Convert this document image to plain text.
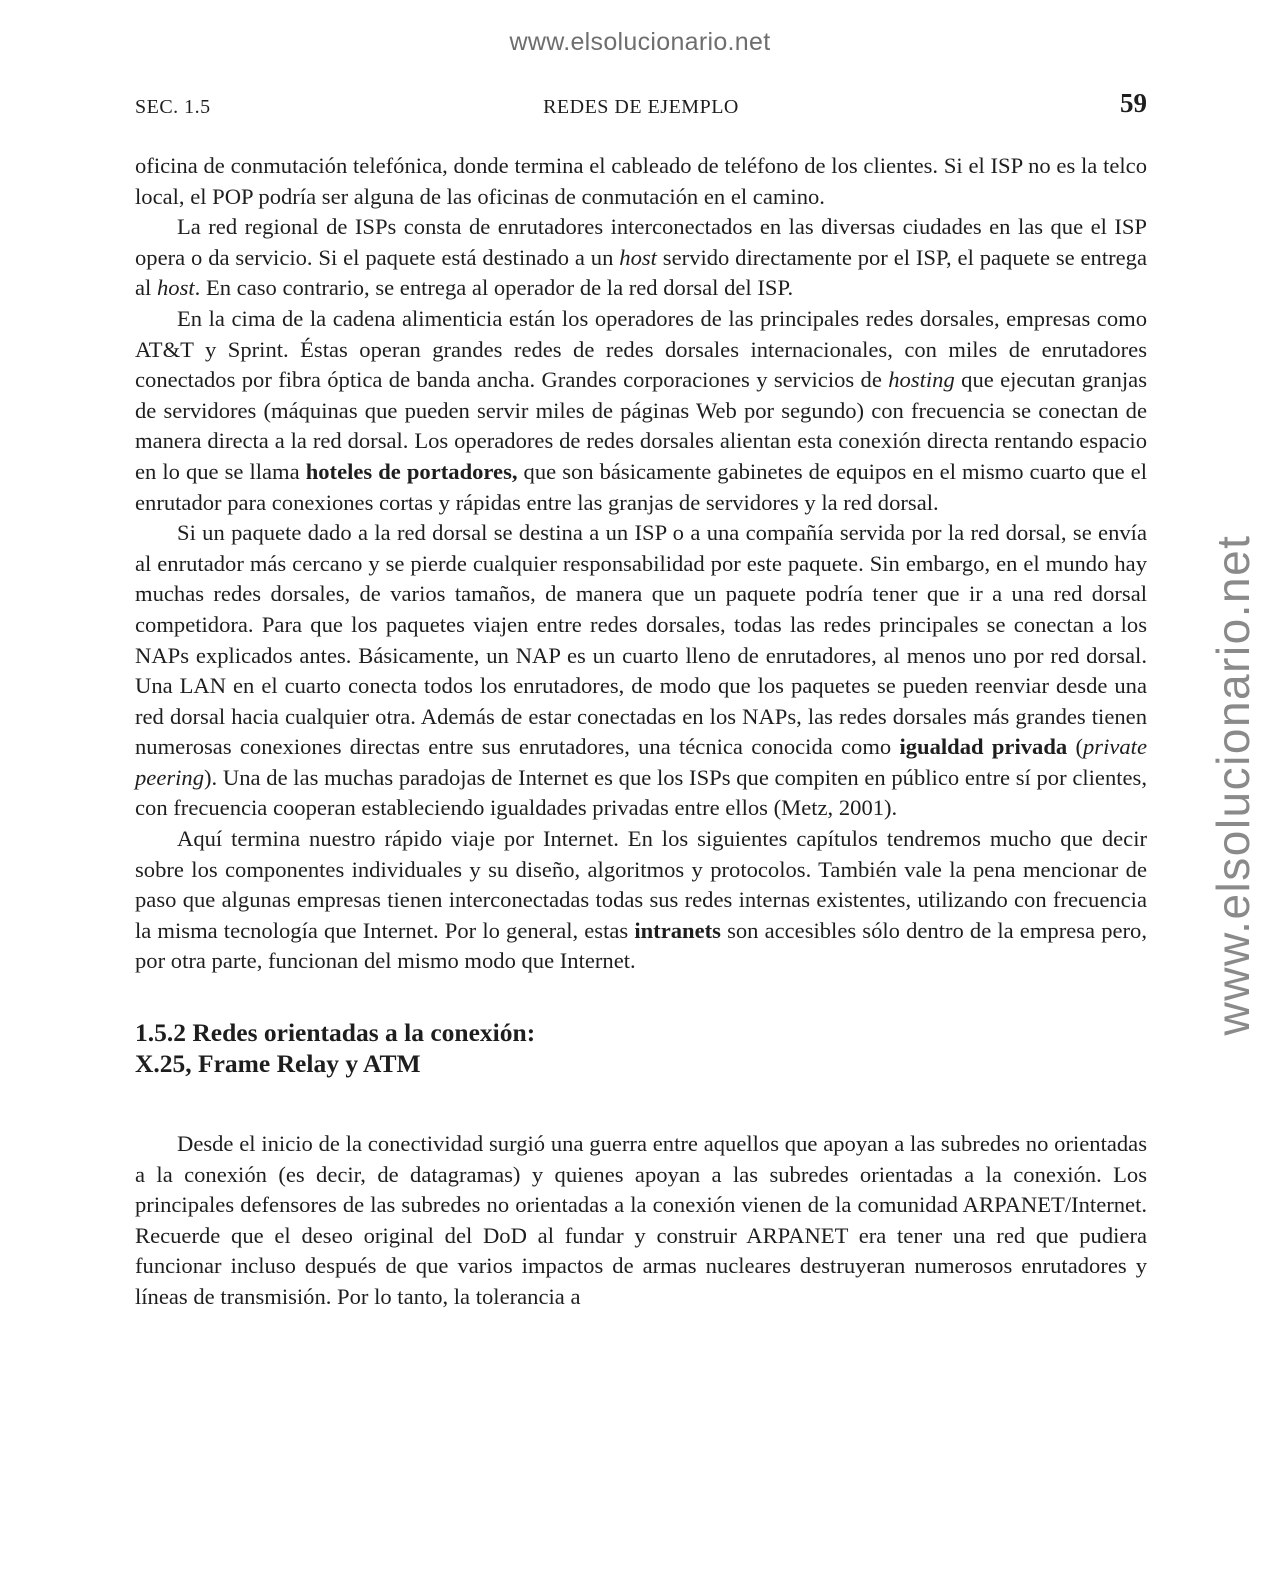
www.elsolucionario.net
www.elsolucionario.net
SEC. 1.5	REDES DE EJEMPLO	59

oficina de conmutación telefónica, donde termina el cableado de teléfono de los clientes. Si el ISP no es la telco local, el POP podría ser alguna de las oficinas de conmutación en el camino.

La red regional de ISPs consta de enrutadores interconectados en las diversas ciudades en las que el ISP opera o da servicio. Si el paquete está destinado a un host servido directamente por el ISP, el paquete se entrega al host. En caso contrario, se entrega al operador de la red dorsal del ISP.

En la cima de la cadena alimenticia están los operadores de las principales redes dorsales, empresas como AT&T y Sprint. Éstas operan grandes redes de redes dorsales internacionales, con miles de enrutadores conectados por fibra óptica de banda ancha. Grandes corporaciones y servicios de hosting que ejecutan granjas de servidores (máquinas que pueden servir miles de páginas Web por segundo) con frecuencia se conectan de manera directa a la red dorsal. Los operadores de redes dorsales alientan esta conexión directa rentando espacio en lo que se llama hoteles de portadores, que son básicamente gabinetes de equipos en el mismo cuarto que el enrutador para conexiones cortas y rápidas entre las granjas de servidores y la red dorsal.

Si un paquete dado a la red dorsal se destina a un ISP o a una compañía servida por la red dorsal, se envía al enrutador más cercano y se pierde cualquier responsabilidad por este paquete. Sin embargo, en el mundo hay muchas redes dorsales, de varios tamaños, de manera que un paquete podría tener que ir a una red dorsal competidora. Para que los paquetes viajen entre redes dorsales, todas las redes principales se conectan a los NAPs explicados antes. Básicamente, un NAP es un cuarto lleno de enrutadores, al menos uno por red dorsal. Una LAN en el cuarto conecta todos los enrutadores, de modo que los paquetes se pueden reenviar desde una red dorsal hacia cualquier otra. Además de estar conectadas en los NAPs, las redes dorsales más grandes tienen numerosas conexiones directas entre sus enrutadores, una técnica conocida como igualdad privada (private peering). Una de las muchas paradojas de Internet es que los ISPs que compiten en público entre sí por clientes, con frecuencia cooperan estableciendo igualdades privadas entre ellos (Metz, 2001).

Aquí termina nuestro rápido viaje por Internet. En los siguientes capítulos tendremos mucho que decir sobre los componentes individuales y su diseño, algoritmos y protocolos. También vale la pena mencionar de paso que algunas empresas tienen interconectadas todas sus redes internas existentes, utilizando con frecuencia la misma tecnología que Internet. Por lo general, estas intranets son accesibles sólo dentro de la empresa pero, por otra parte, funcionan del mismo modo que Internet.

1.5.2 Redes orientadas a la conexión:
X.25, Frame Relay y ATM

Desde el inicio de la conectividad surgió una guerra entre aquellos que apoyan a las subredes no orientadas a la conexión (es decir, de datagramas) y quienes apoyan a las subredes orientadas a la conexión. Los principales defensores de las subredes no orientadas a la conexión vienen de la comunidad ARPANET/Internet. Recuerde que el deseo original del DoD al fundar y construir ARPANET era tener una red que pudiera funcionar incluso después de que varios impactos de armas nucleares destruyeran numerosos enrutadores y líneas de transmisión. Por lo tanto, la tolerancia a
